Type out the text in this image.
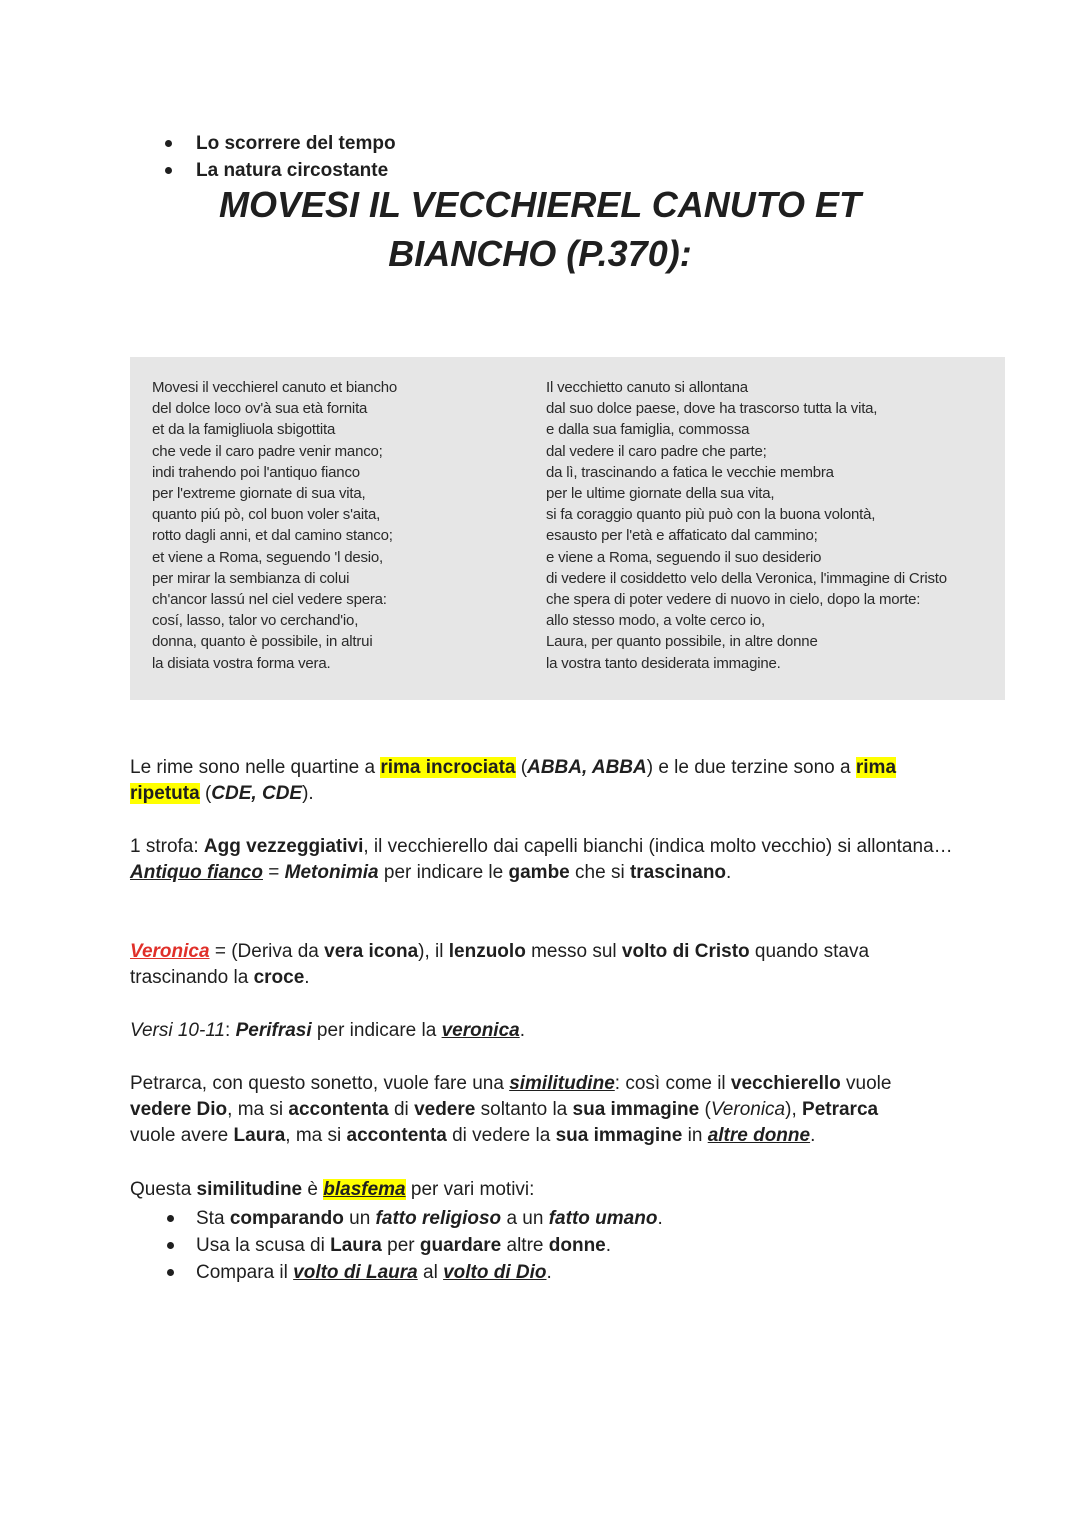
Lo scorrere del tempo
La natura circostante
MOVESI IL VECCHIEREL CANUTO ET
BIANCHO (P.370):
Movesi il vecchierel canuto et biancho
del dolce loco ov'à sua età fornita
et da la famigliuola sbigottita
che vede il caro padre venir manco;
indi trahendo poi l'antiquo fianco
per l'extreme giornate di sua vita,
quanto piú pò, col buon voler s'aita,
rotto dagli anni, et dal camino stanco;
et viene a Roma, seguendo 'l desio,
per mirar la sembianza di colui
ch'ancor lassú nel ciel vedere spera:
cosí, lasso, talor vo cerchand'io,
donna, quanto è possibile, in altrui
la disiata vostra forma vera.
Il vecchietto canuto si allontana
dal suo dolce paese, dove ha trascorso tutta la vita,
e dalla sua famiglia, commossa
dal vedere il caro padre che parte;
da lì, trascinando a fatica le vecchie membra
per le ultime giornate della sua vita,
si fa coraggio quanto più può con la buona volontà,
esausto per l'età e affaticato dal cammino;
e viene a Roma, seguendo il suo desiderio
di vedere il cosiddetto velo della Veronica, l'immagine di Cristo
che spera di poter vedere di nuovo in cielo, dopo la morte:
allo stesso modo, a volte cerco io,
Laura, per quanto possibile, in altre donne
la vostra tanto desiderata immagine.

Le rime sono nelle quartine a rima incrociata (ABBA, ABBA) e le due terzine sono a rima
ripetuta (CDE, CDE).

1 strofa: Agg vezzeggiativi, il vecchierello dai capelli bianchi (indica molto vecchio) si allontana…
Antiquo fianco = Metonimia per indicare le gambe che si trascinano.

Veronica = (Deriva da vera icona), il lenzuolo messo sul volto di Cristo quando stava trascinando la croce.

Versi 10-11: Perifrasi per indicare la veronica.

Petrarca, con questo sonetto, vuole fare una similitudine: così come il vecchierello vuole
vedere Dio, ma si accontenta di vedere soltanto la sua immagine (Veronica), Petrarca
vuole avere Laura, ma si accontenta di vedere la sua immagine in altre donne.

Questa similitudine è blasfema per vari motivi:

Sta comparando un fatto religioso a un fatto umano.
Usa la scusa di Laura per guardare altre donne.
Compara il volto di Laura al volto di Dio.
